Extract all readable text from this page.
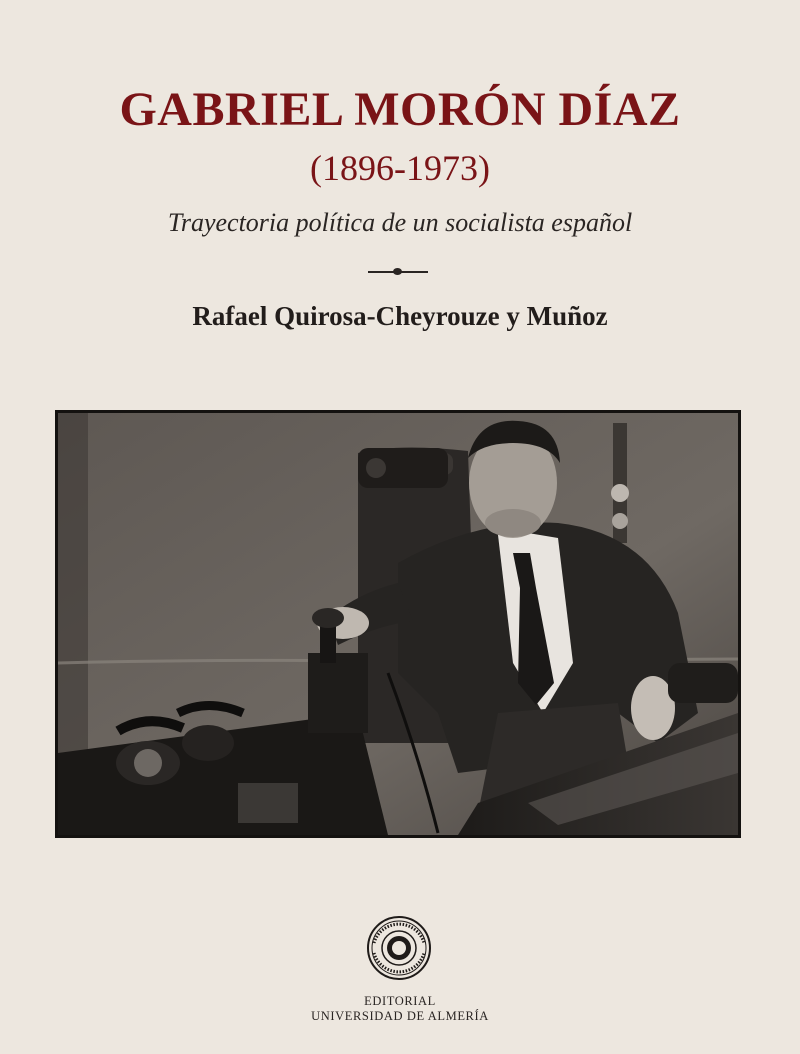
GABRIEL MORÓN DÍAZ
(1896-1973)
Trayectoria política de un socialista español
Rafael Quirosa-Cheyrouze y Muñoz
EDITORIAL
UNIVERSIDAD DE ALMERÍA
